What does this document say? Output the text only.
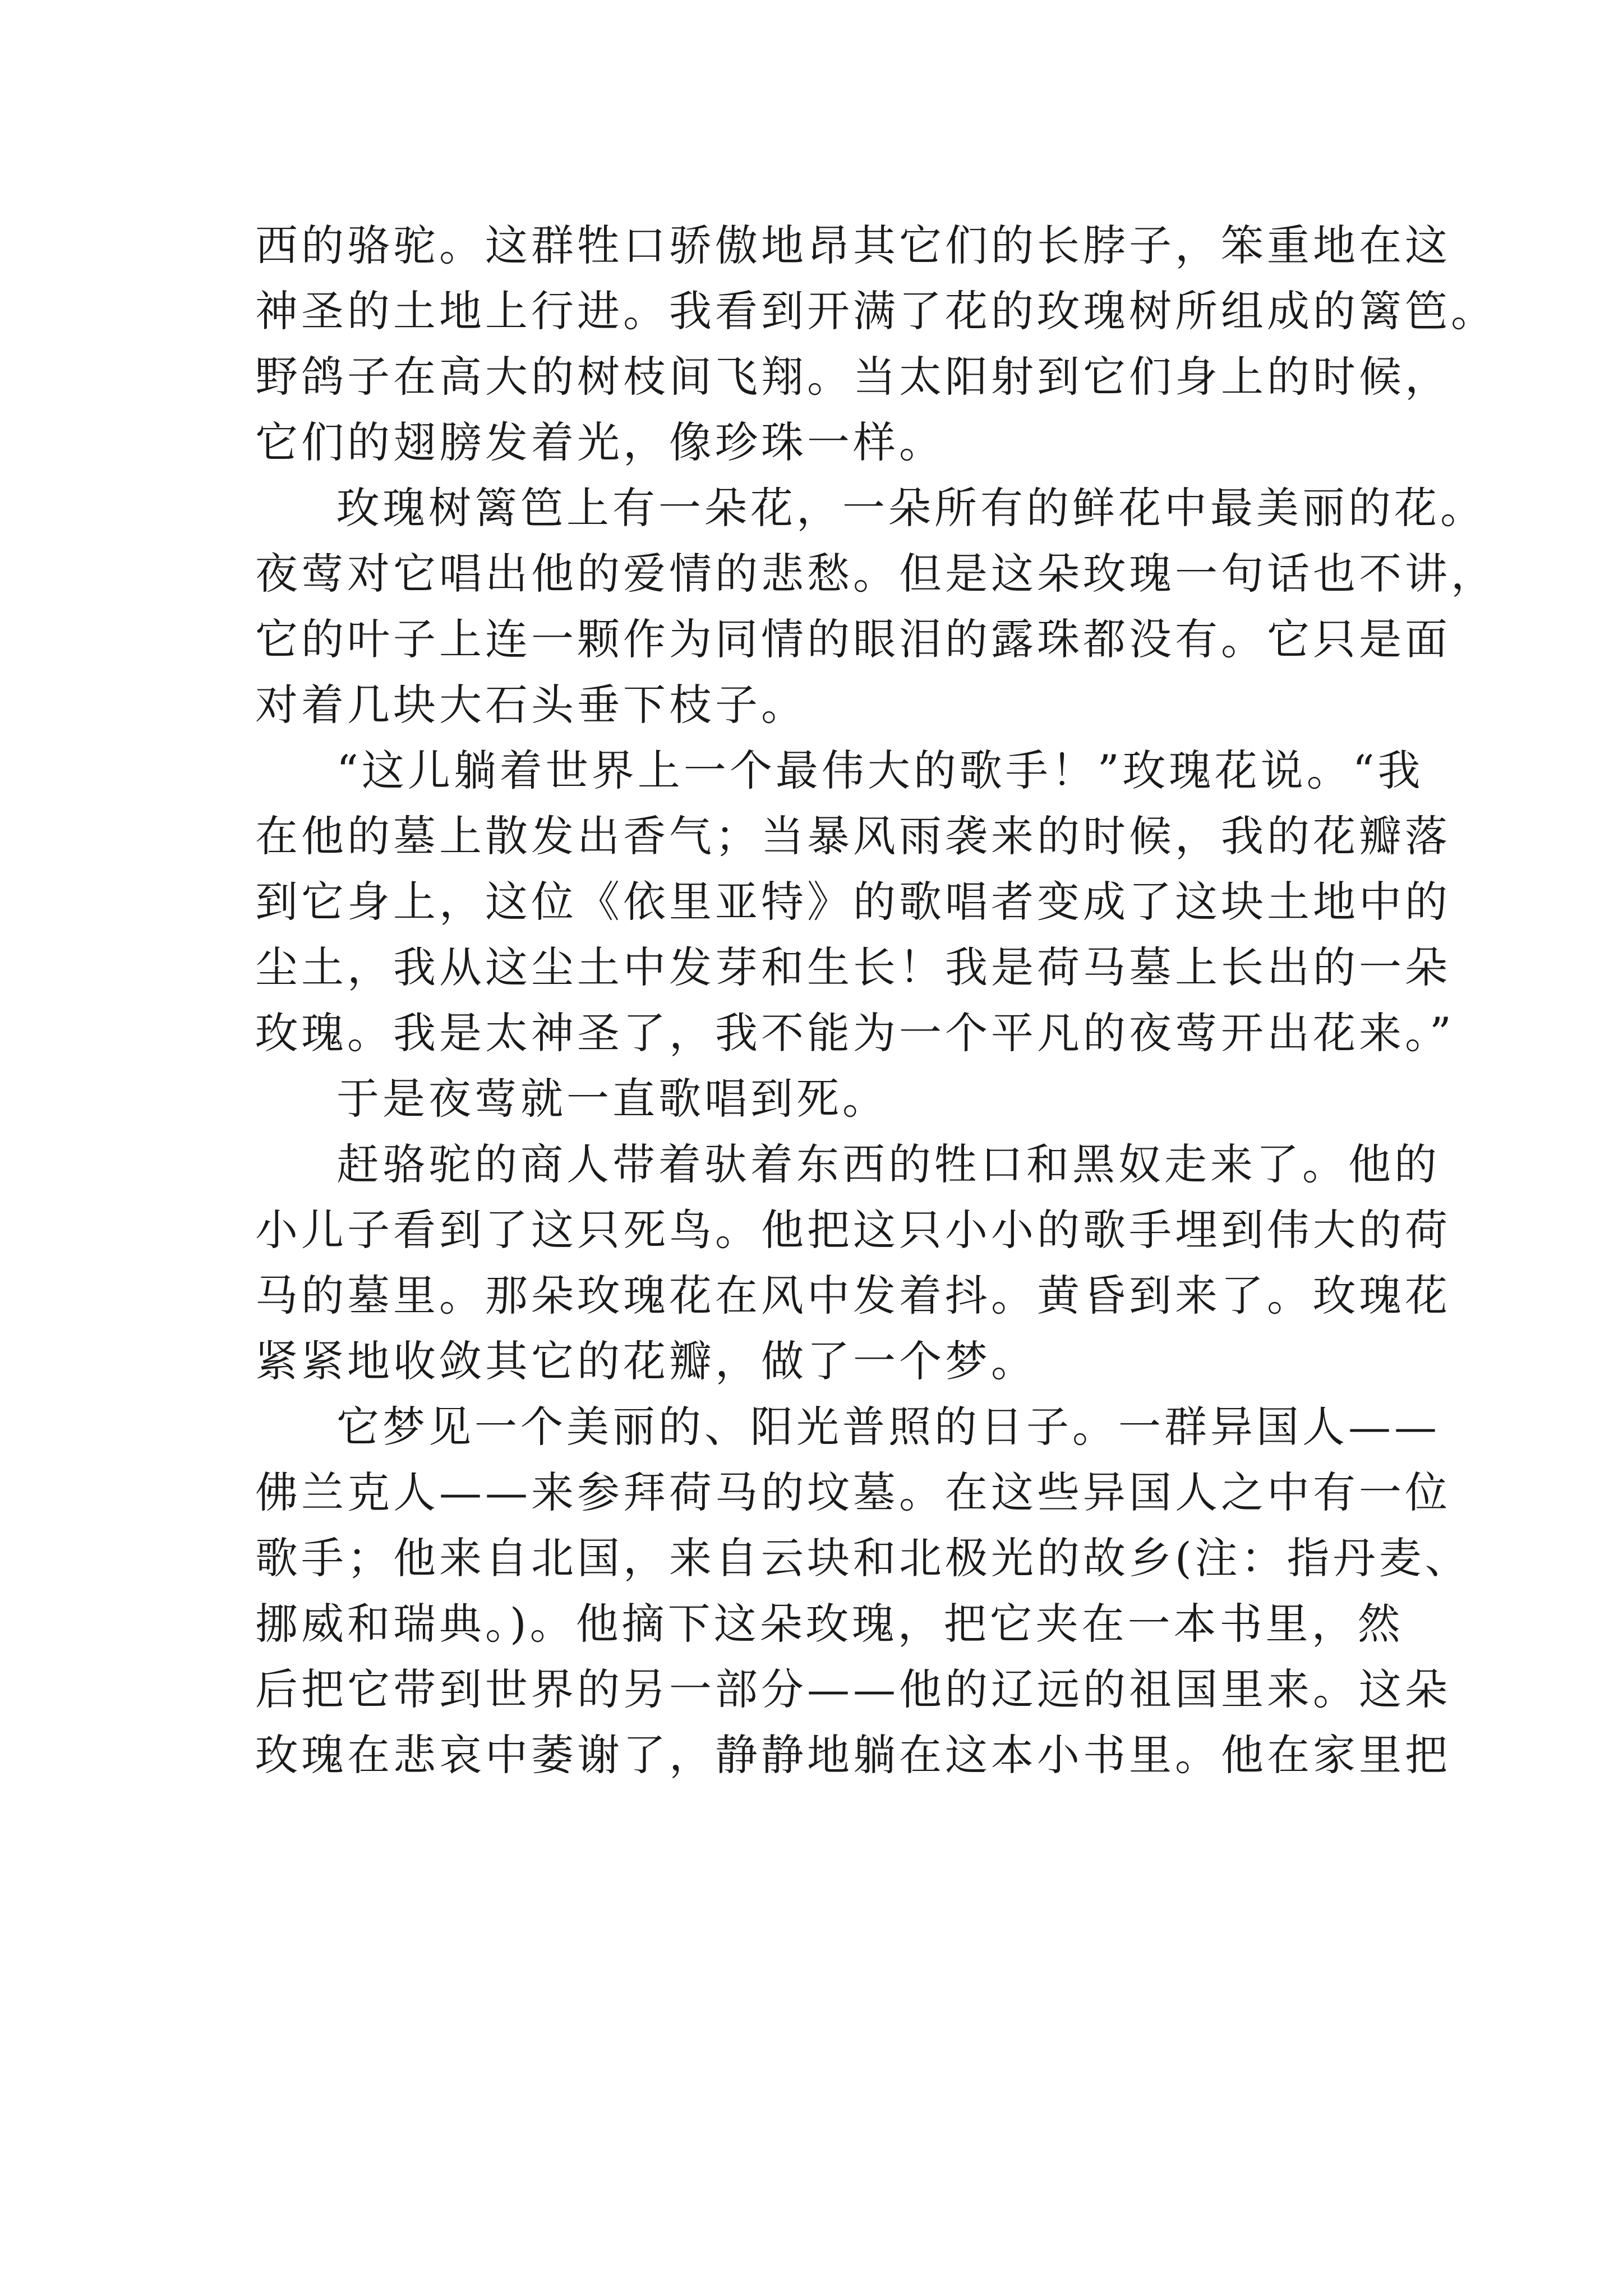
西的骆驼。这群牲口骄傲地昂其它们的长脖子，笨重地在这
神圣的土地上行进。我看到开满了花的玫瑰树所组成的篱笆。
野鸽子在高大的树枝间飞翔。当太阳射到它们身上的时候，
它们的翅膀发着光，像珍珠一样。
玫瑰树篱笆上有一朵花，一朵所有的鲜花中最美丽的花。
夜莺对它唱出他的爱情的悲愁。但是这朵玫瑰一句话也不讲，
它的叶子上连一颗作为同情的眼泪的露珠都没有。它只是面
对着几块大石头垂下枝子。
“这儿躺着世界上一个最伟大的歌手！”玫瑰花说。“我
在他的墓上散发出香气；当暴风雨袭来的时候，我的花瓣落
到它身上，这位《依里亚特》的歌唱者变成了这块土地中的
尘土，我从这尘土中发芽和生长！我是荷马墓上长出的一朵
玫瑰。我是太神圣了，我不能为一个平凡的夜莺开出花来。”
于是夜莺就一直歌唱到死。
赶骆驼的商人带着驮着东西的牲口和黑奴走来了。他的
小儿子看到了这只死鸟。他把这只小小的歌手埋到伟大的荷
马的墓里。那朵玫瑰花在风中发着抖。黄昏到来了。玫瑰花
紧紧地收敛其它的花瓣，做了一个梦。
它梦见一个美丽的、阳光普照的日子。一群异国人——
佛兰克人——来参拜荷马的坟墓。在这些异国人之中有一位
歌手；他来自北国，来自云块和北极光的故乡(注：指丹麦、
挪威和瑞典。)。他摘下这朵玫瑰，把它夹在一本书里，然
后把它带到世界的另一部分——他的辽远的祖国里来。这朵
玫瑰在悲哀中萎谢了，静静地躺在这本小书里。他在家里把
